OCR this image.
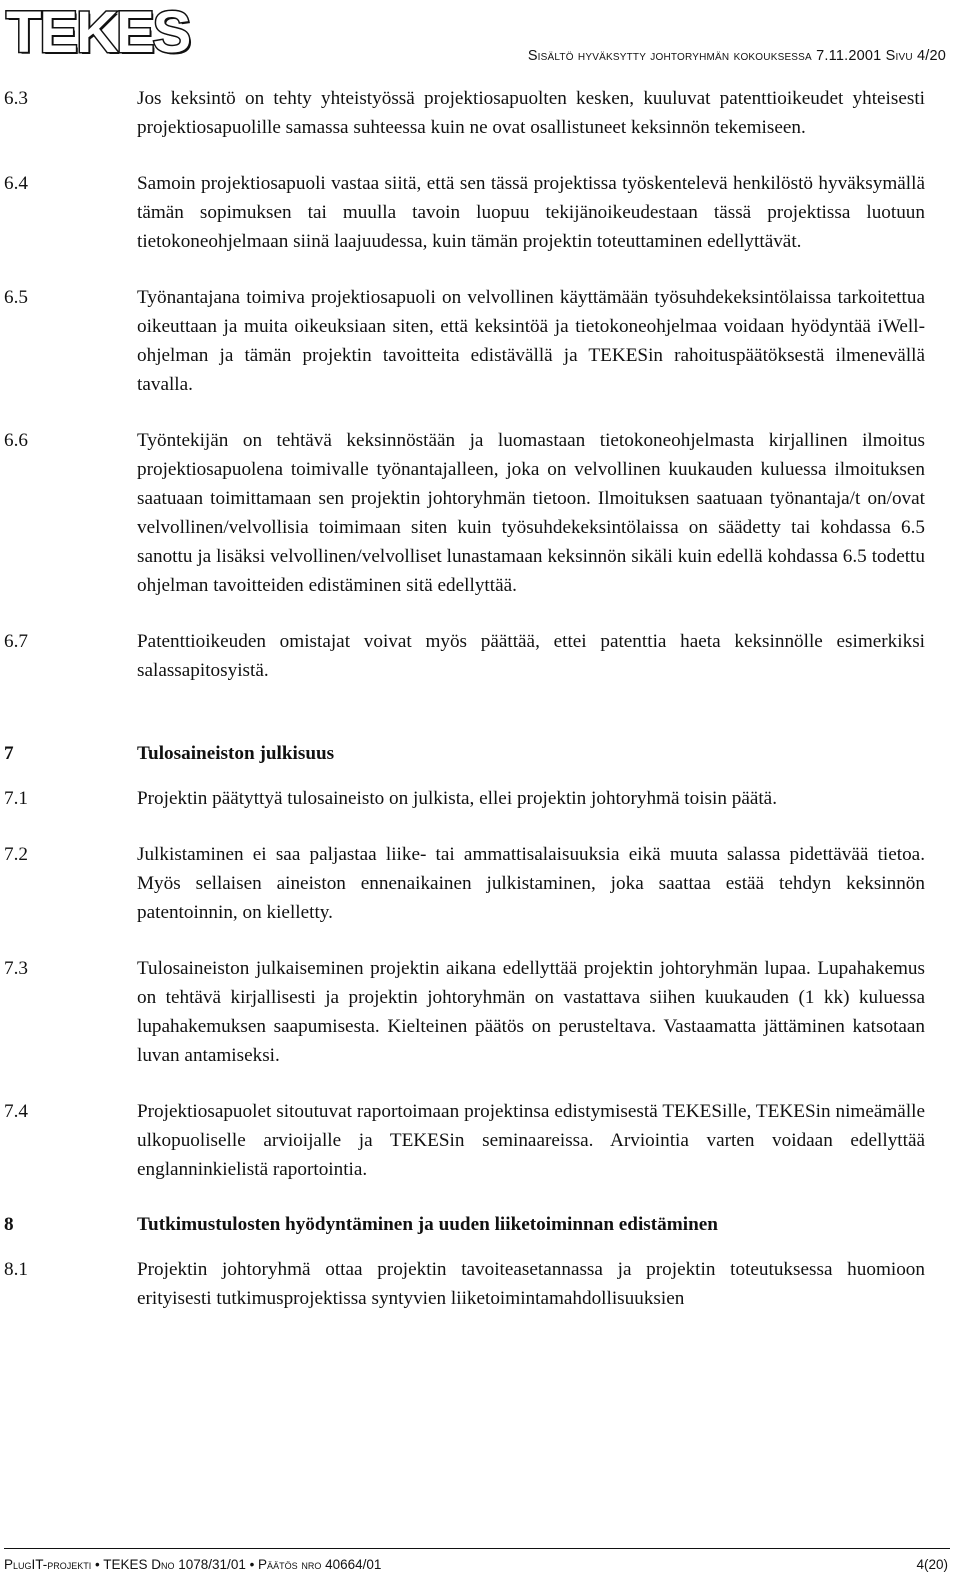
TEKES	Sisältö hyväksytty johtoryhmän kokouksessa 7.11.2001 Sivu 4/20
6.3	Jos keksintö on tehty yhteistyössä projektiosapuolten kesken, kuuluvat patenttioikeudet yhteisesti projektiosapuolille samassa suhteessa kuin ne ovat osallistuneet keksinnön tekemiseen.
6.4	Samoin projektiosapuoli vastaa siitä, että sen tässä projektissa työskentelevä henkilöstö hyväksymällä tämän sopimuksen tai muulla tavoin luopuu tekijänoikeudestaan tässä projektissa luotuun tietokoneohjelmaan siinä laajuudessa, kuin tämän projektin toteuttaminen edellyttävät.
6.5	Työnantajana toimiva projektiosapuoli on velvollinen käyttämään työsuhdekeksintölaissa tarkoitettua oikeuttaan ja muita oikeuksiaan siten, että keksintöä ja tietokoneohjelmaa voidaan hyödyntää iWell-ohjelman ja tämän projektin tavoitteita edistävällä ja TEKESin rahoituspäätöksestä ilmenevällä tavalla.
6.6	Työntekijän on tehtävä keksinnöstään ja luomastaan tietokoneohjelmasta kirjallinen ilmoitus projektiosapuolena toimivalle työnantajalleen, joka on velvollinen kuukauden kuluessa ilmoituksen saatuaan toimittamaan sen projektin johtoryhmän tietoon. Ilmoituksen saatuaan työnantaja/t on/ovat velvollinen/velvollisia toimimaan siten kuin työsuhdekeksintölaissa on säädetty tai kohdassa 6.5 sanottu ja lisäksi velvollinen/velvolliset lunastamaan keksinnön sikäli kuin edellä kohdassa 6.5 todettu ohjelman tavoitteiden edistäminen sitä edellyttää.
6.7	Patenttioikeuden omistajat voivat myös päättää, ettei patenttia haeta keksinnölle esimerkiksi salassapitosyistä.
7	Tulosaineiston julkisuus
7.1	Projektin päätyttyä tulosaineisto on julkista, ellei projektin johtoryhmä toisin päätä.
7.2	Julkistaminen ei saa paljastaa liike- tai ammattisalaisuuksia eikä muuta salassa pidettävää tietoa. Myös sellaisen aineiston ennenaikainen julkistaminen, joka saattaa estää tehdyn keksinnön patentoinnin, on kielletty.
7.3	Tulosaineiston julkaiseminen projektin aikana edellyttää projektin johtoryhmän lupaa. Lupahakemus on tehtävä kirjallisesti ja projektin johtoryhmän on vastattava siihen kuukauden (1 kk) kuluessa lupahakemuksen saapumisesta. Kielteinen päätös on perusteltava. Vastaamatta jättäminen katsotaan luvan antamiseksi.
7.4	Projektiosapuolet sitoutuvat raportoimaan projektinsa edistymisestä TEKESille, TEKESin nimeämälle ulkopuoliselle arvioijalle ja TEKESin seminaareissa. Arviointia varten voidaan edellyttää englanninkielistä raportointia.
8	Tutkimustulosten hyödyntäminen ja uuden liiketoiminnan edistäminen
8.1	Projektin johtoryhmä ottaa projektin tavoiteasetannassa ja projektin toteutuksessa huomioon erityisesti tutkimusprojektissa syntyvien liiketoimintamahdollisuuksien
PlugIT-projekti • TEKES Dno 1078/31/01 • Päätös nro 40664/01	4(20)
